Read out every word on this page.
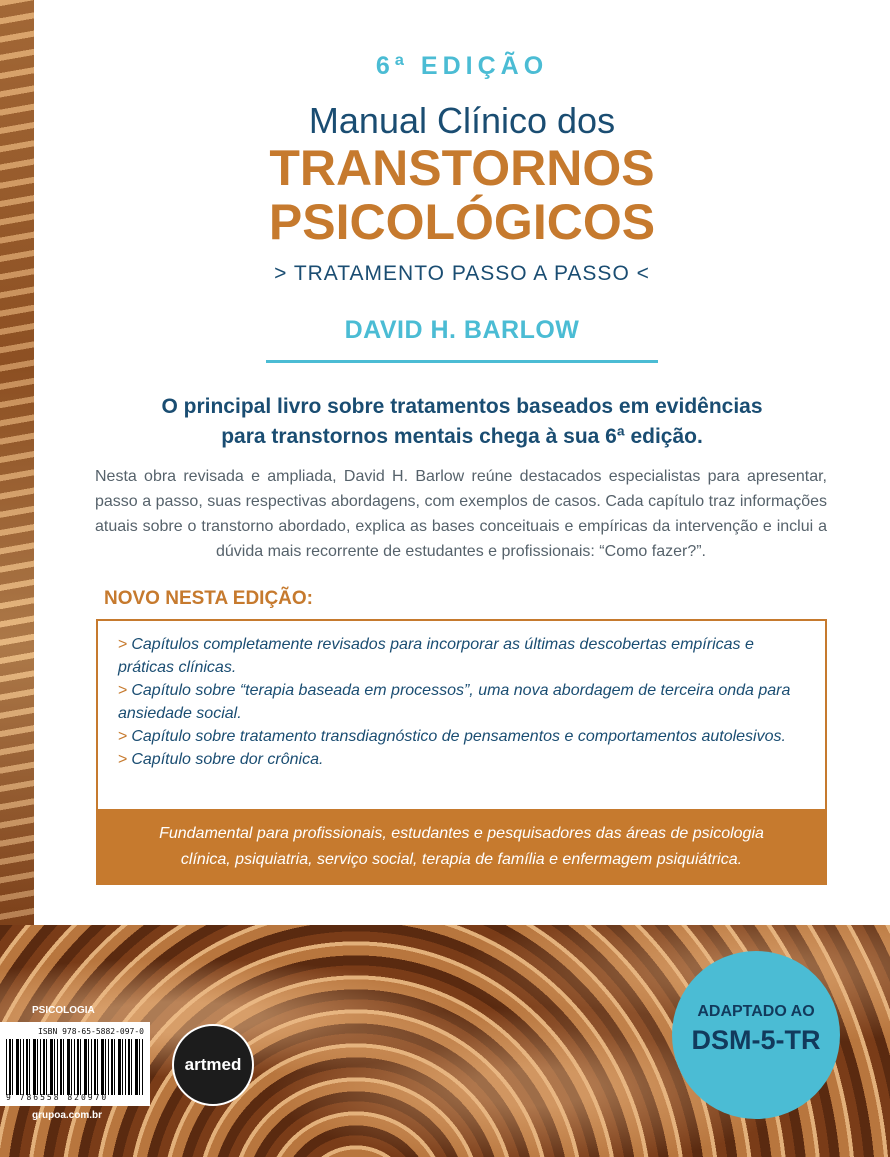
6ª EDIÇÃO
Manual Clínico dos
TRANSTORNOS
PSICOLÓGICOS
> TRATAMENTO PASSO A PASSO <
DAVID H. BARLOW
O principal livro sobre tratamentos baseados em evidências
para transtornos mentais chega à sua 6ª edição.
Nesta obra revisada e ampliada, David H. Barlow reúne destacados especialistas para apresentar, passo a passo, suas respectivas abordagens, com exemplos de casos. Cada capítulo traz informações atuais sobre o transtorno abordado, explica as bases conceituais e empíricas da intervenção e inclui a dúvida mais recorrente de estudantes e profissionais: “Como fazer?”.
NOVO NESTA EDIÇÃO:
> Capítulos completamente revisados para incorporar as últimas descobertas empíricas e práticas clínicas.
> Capítulo sobre “terapia baseada em processos”, uma nova abordagem de terceira onda para ansiedade social.
> Capítulo sobre tratamento transdiagnóstico de pensamentos e comportamentos autolesivos.
> Capítulo sobre dor crônica.
Fundamental para profissionais, estudantes e pesquisadores das áreas de psicologia clínica, psiquiatria, serviço social, terapia de família e enfermagem psiquiátrica.
PSICOLOGIA
ISBN 978-65-5882-097-0
9 786558 820970
grupoa.com.br
artmed
ADAPTADO AO
DSM-5-TR
